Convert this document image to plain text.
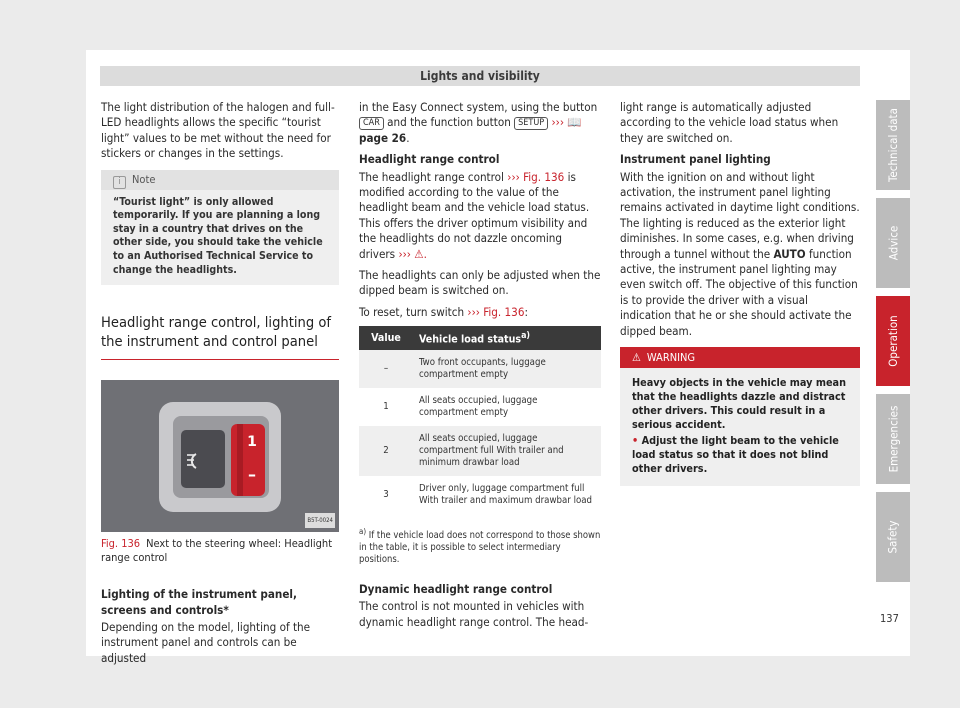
Lights and visibility

The light distribution of the halogen and full-LED headlights allows the specific “tourist light” values to be met without the need for stickers or changes in the settings.

i Note
“Tourist light” is only allowed temporarily. If you are planning a long stay in a country that drives on the other side, you should take the vehicle to an Authorised Technical Service to change the headlights.
Headlight range control, lighting of the instrument and control panel
1
–
B5T-0024
Fig. 136 Next to the steering wheel: Headlight range control

Lighting of the instrument panel, screens and controls*

Depending on the model, lighting of the instrument panel and controls can be adjusted

in the Easy Connect system, using the button CAR and the function button SETUP ››› 📖 page 26.

Headlight range control

The headlight range control ››› Fig. 136 is modified according to the value of the headlight beam and the vehicle load status. This offers the driver optimum visibility and the headlights do not dazzle oncoming drivers ››› ⚠.

The headlights can only be adjusted when the dipped beam is switched on.

To reset, turn switch ››› Fig. 136:

Value	Vehicle load status$^{a)}$
–	Two front occupants, luggage compartment empty
1	All seats occupied, luggage compartment empty
2	All seats occupied, luggage compartment full With trailer and minimum drawbar load
3	Driver only, luggage compartment full With trailer and maximum drawbar load
$^{a)}$ If the vehicle load does not correspond to those shown in the table, it is possible to select intermediary positions.

Dynamic headlight range control

The control is not mounted in vehicles with dynamic headlight range control. The head-

light range is automatically adjusted according to the vehicle load status when they are switched on.

Instrument panel lighting

With the ignition on and without light activation, the instrument panel lighting remains activated in daytime light conditions. The lighting is reduced as the exterior light diminishes. In some cases, e.g. when driving through a tunnel without the AUTO function active, the instrument panel lighting may even switch off. The objective of this function is to provide the driver with a visual indication that he or she should activate the dipped beam.

⚠ WARNING
Heavy objects in the vehicle may mean that the headlights dazzle and distract other drivers. This could result in a serious accident.
• Adjust the light beam to the vehicle load status so that it does not blind other drivers.
Technical data
Advice
Operation
Emergencies
Safety
137
